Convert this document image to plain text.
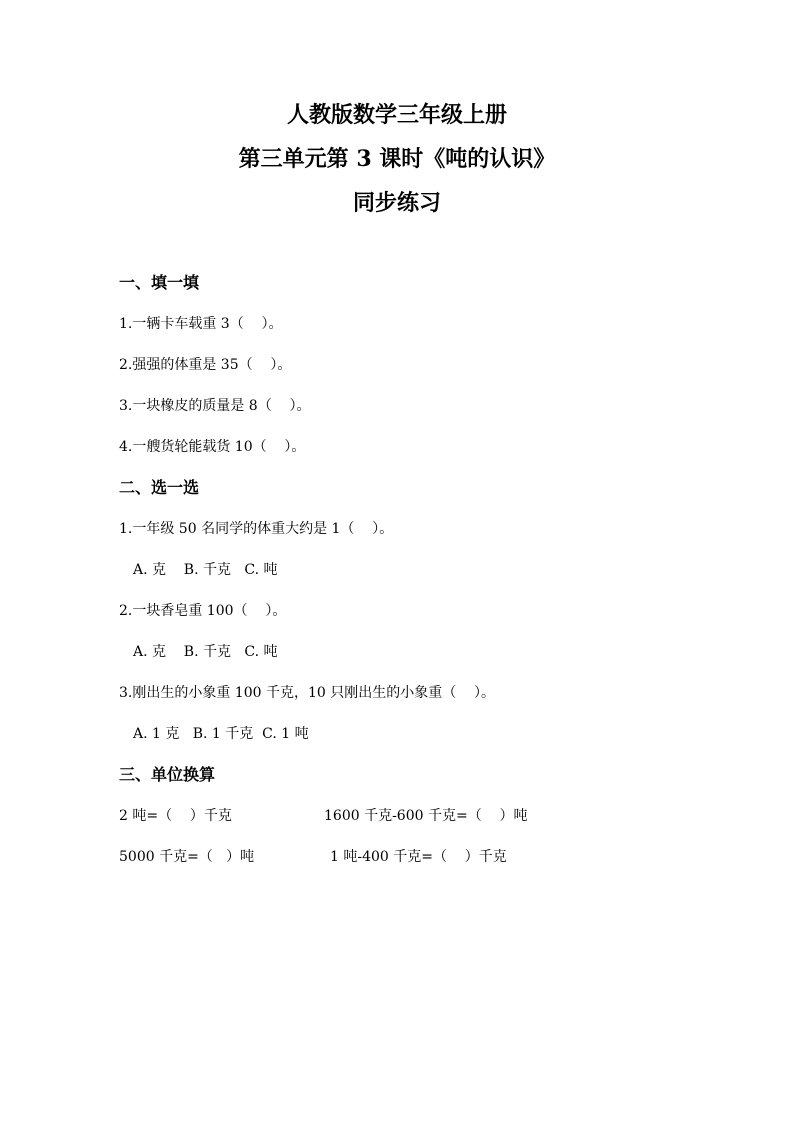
人教版数学三年级上册
第三单元第 3 课时《吨的认识》
同步练习
一、填一填
1.一辆卡车载重 3（    ）。
2.强强的体重是 35（    ）。
3.一块橡皮的质量是 8（    ）。
4.一艘货轮能载货 10（    ）。
二、选一选
1.一年级 50 名同学的体重大约是 1（    ）。
A. 克    B. 千克   C. 吨
2.一块香皂重 100（    ）。
A. 克    B. 千克   C. 吨
3.刚出生的小象重 100 千克，10 只刚出生的小象重（    ）。
A. 1 克   B. 1 千克  C. 1 吨
三、单位换算

2 吨=（    ）千克

	1600 千克-600 千克=（    ）吨

5000 千克=（   ）吨

	1 吨-400 千克=（    ）千克
